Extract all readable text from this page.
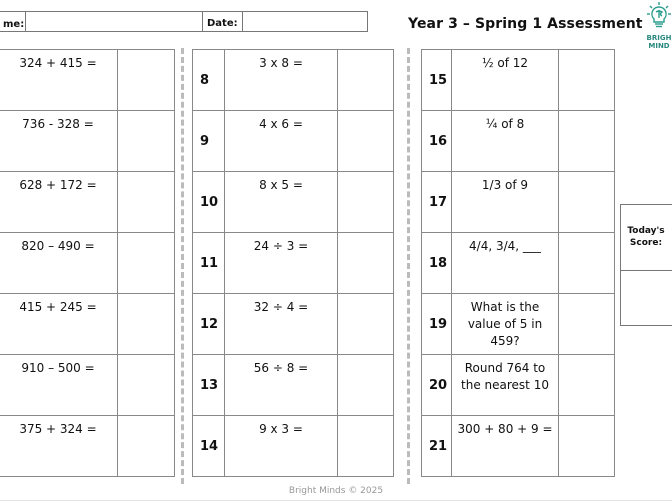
me:	Date:	Year 3 – Spring 1 Assessment
BRIGH
MIND
324 + 415 =	
736 - 328 =	
628 + 172 =	
820 – 490 =	
415 + 245 =	
910 – 500 =	
375 + 324 =	
8	3 x 8 =	
9	4 x 6 =	
10	8 x 5 =	
11	24 ÷ 3 =	
12	32 ÷ 4 =	
13	56 ÷ 8 =	
14	9 x 3 =	
15	½ of 12	
16	¼ of 8	
17	1/3 of 9	
18	4/4, 3/4, ___	
19	What is the value of 5 in 459?	
20	Round 764 to the nearest 10	
21	300 + 80 + 9 =	
Today's
Score:
Bright Minds © 2025
